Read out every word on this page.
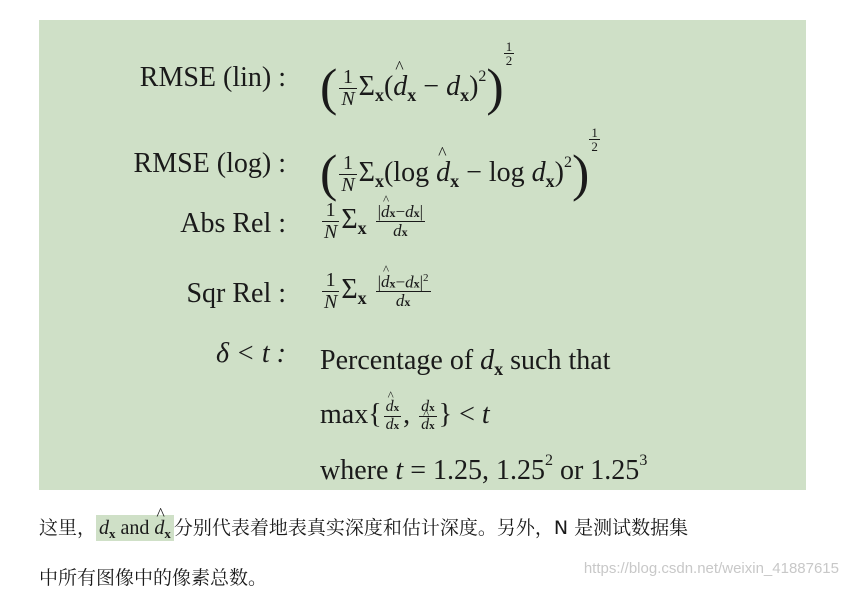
RMSE (lin) : ( $\frac{1}{N}$ $\Sigma_x(\^{}$ $d_x - d_x)^2$)
$\frac{1}{2}$
RMSE (log) : ( $\frac{1}{N} \Sigma_x(\log$ ^ $d_x - \log d_x)^2$)
$\frac{1}{2}$
Abs Rel : $\frac{1}{N} \Sigma_x \frac{|\^{} dx-dx|}{dx}$
Sqr Rel : $\frac{1}{N} \Sigma_x \frac{|\^{} dx-dx|^2}{dx}$
δ < t : Percentage of $d_x$ such that
max{ ^ $\frac{dx}{dx}$ , dx
^ dx } < t
where t = 1.25, 1.25$^2$ or 1.25$^3$
这里， $d_x$ and ^ $d_x$ 分别代表着地表真实深度和估计深度。另外，N 是测试数据集
中所有图像中的像素总数。	https://blog.csdn.net/weixin_41887615
